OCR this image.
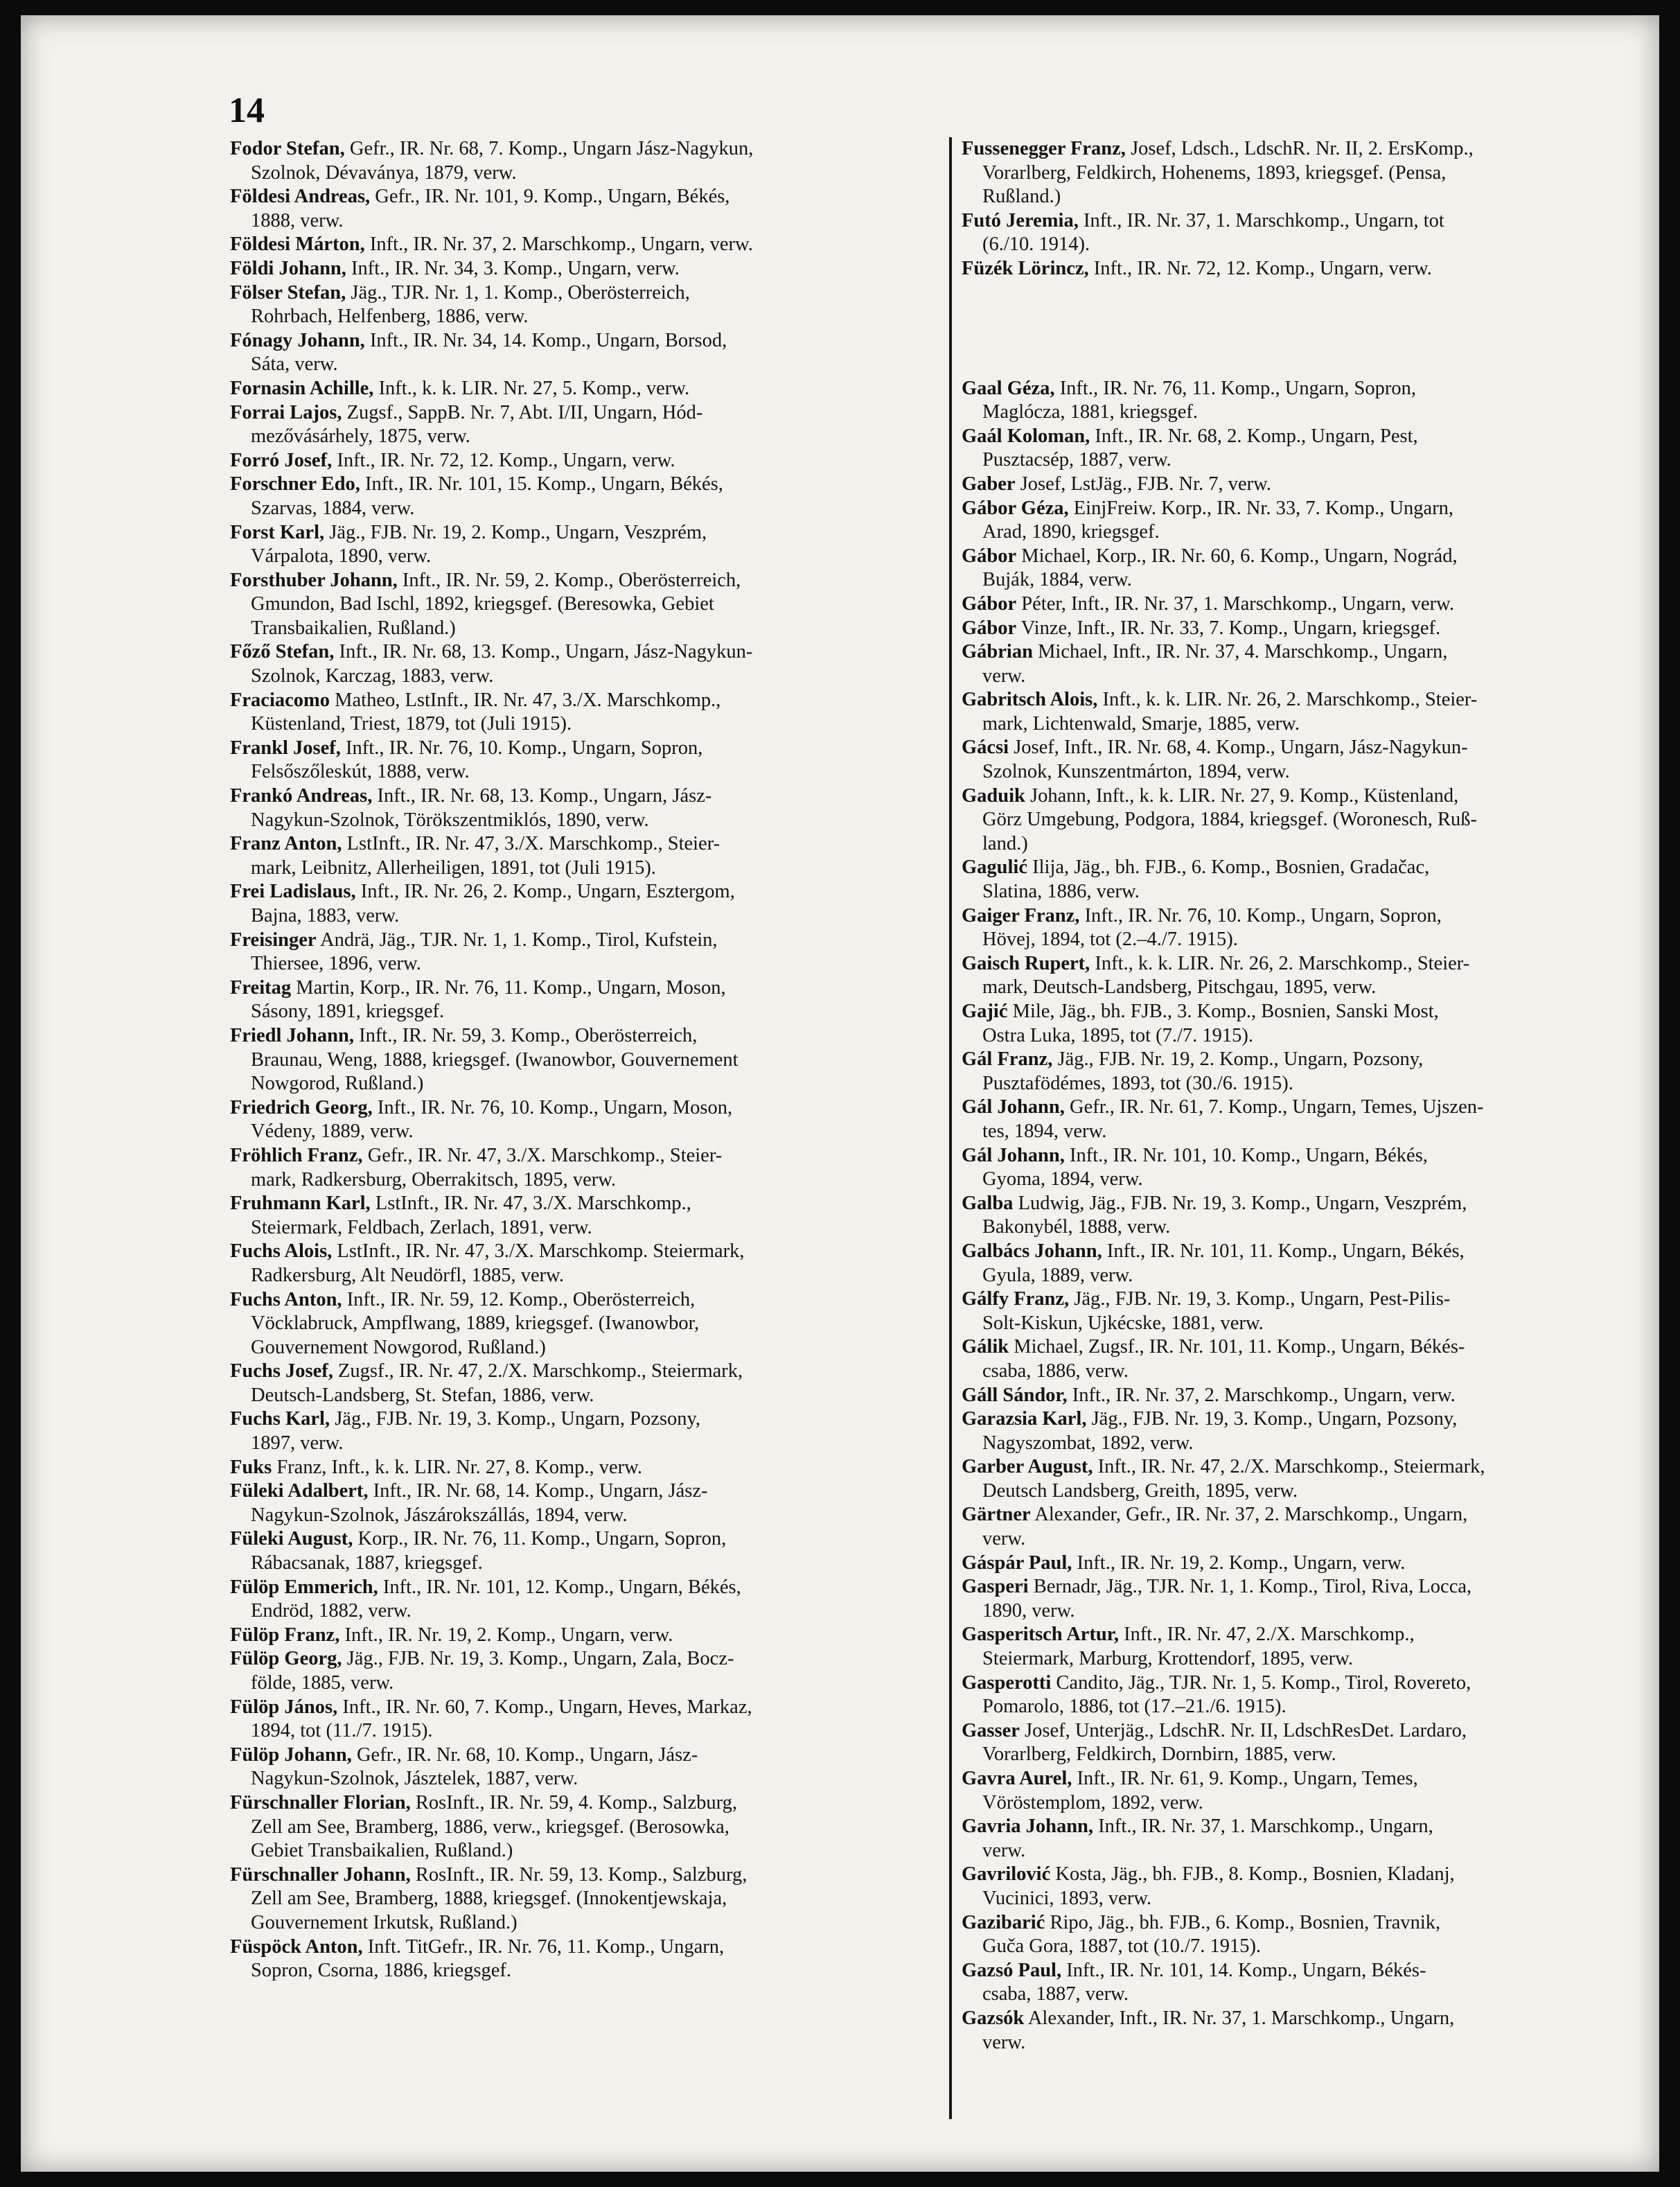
14
Fodor Stefan, Gefr., IR. Nr. 68, 7. Komp., Ungarn Jász-Nagykun,
Szolnok, Dévaványa, 1879, verw.
Földesi Andreas, Gefr., IR. Nr. 101, 9. Komp., Ungarn, Békés,
1888, verw.
Földesi Márton, Inft., IR. Nr. 37, 2. Marschkomp., Ungarn, verw.
Földi Johann, Inft., IR. Nr. 34, 3. Komp., Ungarn, verw.
Fölser Stefan, Jäg., TJR. Nr. 1, 1. Komp., Oberösterreich,
Rohrbach, Helfenberg, 1886, verw.
Fónagy Johann, Inft., IR. Nr. 34, 14. Komp., Ungarn, Borsod,
Sáta, verw.
Fornasin Achille, Inft., k. k. LIR. Nr. 27, 5. Komp., verw.
Forrai Lajos, Zugsf., SappB. Nr. 7, Abt. I/II, Ungarn, Hód-
mezővásárhely, 1875, verw.
Forró Josef, Inft., IR. Nr. 72, 12. Komp., Ungarn, verw.
Forschner Edo, Inft., IR. Nr. 101, 15. Komp., Ungarn, Békés,
Szarvas, 1884, verw.
Forst Karl, Jäg., FJB. Nr. 19, 2. Komp., Ungarn, Veszprém,
Várpalota, 1890, verw.
Forsthuber Johann, Inft., IR. Nr. 59, 2. Komp., Oberösterreich,
Gmundon, Bad Ischl, 1892, kriegsgef. (Beresowka, Gebiet
Transbaikalien, Rußland.)
Főző Stefan, Inft., IR. Nr. 68, 13. Komp., Ungarn, Jász-Nagykun-
Szolnok, Karczag, 1883, verw.
Fraciacomo Matheo, LstInft., IR. Nr. 47, 3./X. Marschkomp.,
Küstenland, Triest, 1879, tot (Juli 1915).
Frankl Josef, Inft., IR. Nr. 76, 10. Komp., Ungarn, Sopron,
Felsőszőleskút, 1888, verw.
Frankó Andreas, Inft., IR. Nr. 68, 13. Komp., Ungarn, Jász-
Nagykun-Szolnok, Törökszentmiklós, 1890, verw.
Franz Anton, LstInft., IR. Nr. 47, 3./X. Marschkomp., Steier-
mark, Leibnitz, Allerheiligen, 1891, tot (Juli 1915).
Frei Ladislaus, Inft., IR. Nr. 26, 2. Komp., Ungarn, Esztergom,
Bajna, 1883, verw.
Freisinger Andrä, Jäg., TJR. Nr. 1, 1. Komp., Tirol, Kufstein,
Thiersee, 1896, verw.
Freitag Martin, Korp., IR. Nr. 76, 11. Komp., Ungarn, Moson,
Sásony, 1891, kriegsgef.
Friedl Johann, Inft., IR. Nr. 59, 3. Komp., Oberösterreich,
Braunau, Weng, 1888, kriegsgef. (Iwanowbor, Gouvernement
Nowgorod, Rußland.)
Friedrich Georg, Inft., IR. Nr. 76, 10. Komp., Ungarn, Moson,
Védeny, 1889, verw.
Fröhlich Franz, Gefr., IR. Nr. 47, 3./X. Marschkomp., Steier-
mark, Radkersburg, Oberrakitsch, 1895, verw.
Fruhmann Karl, LstInft., IR. Nr. 47, 3./X. Marschkomp.,
Steiermark, Feldbach, Zerlach, 1891, verw.
Fuchs Alois, LstInft., IR. Nr. 47, 3./X. Marschkomp. Steiermark,
Radkersburg, Alt Neudörfl, 1885, verw.
Fuchs Anton, Inft., IR. Nr. 59, 12. Komp., Oberösterreich,
Vöcklabruck, Ampflwang, 1889, kriegsgef. (Iwanowbor,
Gouvernement Nowgorod, Rußland.)
Fuchs Josef, Zugsf., IR. Nr. 47, 2./X. Marschkomp., Steiermark,
Deutsch-Landsberg, St. Stefan, 1886, verw.
Fuchs Karl, Jäg., FJB. Nr. 19, 3. Komp., Ungarn, Pozsony,
1897, verw.
Fuks Franz, Inft., k. k. LIR. Nr. 27, 8. Komp., verw.
Füleki Adalbert, Inft., IR. Nr. 68, 14. Komp., Ungarn, Jász-
Nagykun-Szolnok, Jászárokszállás, 1894, verw.
Füleki August, Korp., IR. Nr. 76, 11. Komp., Ungarn, Sopron,
Rábacsanak, 1887, kriegsgef.
Fülöp Emmerich, Inft., IR. Nr. 101, 12. Komp., Ungarn, Békés,
Endröd, 1882, verw.
Fülöp Franz, Inft., IR. Nr. 19, 2. Komp., Ungarn, verw.
Fülöp Georg, Jäg., FJB. Nr. 19, 3. Komp., Ungarn, Zala, Bocz-
földe, 1885, verw.
Fülöp János, Inft., IR. Nr. 60, 7. Komp., Ungarn, Heves, Markaz,
1894, tot (11./7. 1915).
Fülöp Johann, Gefr., IR. Nr. 68, 10. Komp., Ungarn, Jász-
Nagykun-Szolnok, Jásztelek, 1887, verw.
Fürschnaller Florian, RosInft., IR. Nr. 59, 4. Komp., Salzburg,
Zell am See, Bramberg, 1886, verw., kriegsgef. (Berosowka,
Gebiet Transbaikalien, Rußland.)
Fürschnaller Johann, RosInft., IR. Nr. 59, 13. Komp., Salzburg,
Zell am See, Bramberg, 1888, kriegsgef. (Innokentjewskaja,
Gouvernement Irkutsk, Rußland.)
Füspöck Anton, Inft. TitGefr., IR. Nr. 76, 11. Komp., Ungarn,
Sopron, Csorna, 1886, kriegsgef.
Fussenegger Franz, Josef, Ldsch., LdschR. Nr. II, 2. ErsKomp.,
Vorarlberg, Feldkirch, Hohenems, 1893, kriegsgef. (Pensa,
Rußland.)
Futó Jeremia, Inft., IR. Nr. 37, 1. Marschkomp., Ungarn, tot
(6./10. 1914).
Füzék Lörincz, Inft., IR. Nr. 72, 12. Komp., Ungarn, verw.
Gaal Géza, Inft., IR. Nr. 76, 11. Komp., Ungarn, Sopron,
Maglócza, 1881, kriegsgef.
Gaál Koloman, Inft., IR. Nr. 68, 2. Komp., Ungarn, Pest,
Pusztacsép, 1887, verw.
Gaber Josef, LstJäg., FJB. Nr. 7, verw.
Gábor Géza, EinjFreiw. Korp., IR. Nr. 33, 7. Komp., Ungarn,
Arad, 1890, kriegsgef.
Gábor Michael, Korp., IR. Nr. 60, 6. Komp., Ungarn, Nográd,
Buják, 1884, verw.
Gábor Péter, Inft., IR. Nr. 37, 1. Marschkomp., Ungarn, verw.
Gábor Vinze, Inft., IR. Nr. 33, 7. Komp., Ungarn, kriegsgef.
Gábrian Michael, Inft., IR. Nr. 37, 4. Marschkomp., Ungarn,
verw.
Gabritsch Alois, Inft., k. k. LIR. Nr. 26, 2. Marschkomp., Steier-
mark, Lichtenwald, Smarje, 1885, verw.
Gácsi Josef, Inft., IR. Nr. 68, 4. Komp., Ungarn, Jász-Nagykun-
Szolnok, Kunszentmárton, 1894, verw.
Gaduik Johann, Inft., k. k. LIR. Nr. 27, 9. Komp., Küstenland,
Görz Umgebung, Podgora, 1884, kriegsgef. (Woronesch, Ruß-
land.)
Gagulić Ilija, Jäg., bh. FJB., 6. Komp., Bosnien, Gradačac,
Slatina, 1886, verw.
Gaiger Franz, Inft., IR. Nr. 76, 10. Komp., Ungarn, Sopron,
Hövej, 1894, tot (2.–4./7. 1915).
Gaisch Rupert, Inft., k. k. LIR. Nr. 26, 2. Marschkomp., Steier-
mark, Deutsch-Landsberg, Pitschgau, 1895, verw.
Gajić Mile, Jäg., bh. FJB., 3. Komp., Bosnien, Sanski Most,
Ostra Luka, 1895, tot (7./7. 1915).
Gál Franz, Jäg., FJB. Nr. 19, 2. Komp., Ungarn, Pozsony,
Pusztafödémes, 1893, tot (30./6. 1915).
Gál Johann, Gefr., IR. Nr. 61, 7. Komp., Ungarn, Temes, Ujszen-
tes, 1894, verw.
Gál Johann, Inft., IR. Nr. 101, 10. Komp., Ungarn, Békés,
Gyoma, 1894, verw.
Galba Ludwig, Jäg., FJB. Nr. 19, 3. Komp., Ungarn, Veszprém,
Bakonybél, 1888, verw.
Galbács Johann, Inft., IR. Nr. 101, 11. Komp., Ungarn, Békés,
Gyula, 1889, verw.
Gálfy Franz, Jäg., FJB. Nr. 19, 3. Komp., Ungarn, Pest-Pilis-
Solt-Kiskun, Ujkécske, 1881, verw.
Gálik Michael, Zugsf., IR. Nr. 101, 11. Komp., Ungarn, Békés-
csaba, 1886, verw.
Gáll Sándor, Inft., IR. Nr. 37, 2. Marschkomp., Ungarn, verw.
Garazsia Karl, Jäg., FJB. Nr. 19, 3. Komp., Ungarn, Pozsony,
Nagyszombat, 1892, verw.
Garber August, Inft., IR. Nr. 47, 2./X. Marschkomp., Steiermark,
Deutsch Landsberg, Greith, 1895, verw.
Gärtner Alexander, Gefr., IR. Nr. 37, 2. Marschkomp., Ungarn,
verw.
Gáspár Paul, Inft., IR. Nr. 19, 2. Komp., Ungarn, verw.
Gasperi Bernadr, Jäg., TJR. Nr. 1, 1. Komp., Tirol, Riva, Locca,
1890, verw.
Gasperitsch Artur, Inft., IR. Nr. 47, 2./X. Marschkomp.,
Steiermark, Marburg, Krottendorf, 1895, verw.
Gasperotti Candito, Jäg., TJR. Nr. 1, 5. Komp., Tirol, Rovereto,
Pomarolo, 1886, tot (17.–21./6. 1915).
Gasser Josef, Unterjäg., LdschR. Nr. II, LdschResDet. Lardaro,
Vorarlberg, Feldkirch, Dornbirn, 1885, verw.
Gavra Aurel, Inft., IR. Nr. 61, 9. Komp., Ungarn, Temes,
Vöröstemplom, 1892, verw.
Gavria Johann, Inft., IR. Nr. 37, 1. Marschkomp., Ungarn,
verw.
Gavrilović Kosta, Jäg., bh. FJB., 8. Komp., Bosnien, Kladanj,
Vucinici, 1893, verw.
Gazibarić Ripo, Jäg., bh. FJB., 6. Komp., Bosnien, Travnik,
Guča Gora, 1887, tot (10./7. 1915).
Gazsó Paul, Inft., IR. Nr. 101, 14. Komp., Ungarn, Békés-
csaba, 1887, verw.
Gazsók Alexander, Inft., IR. Nr. 37, 1. Marschkomp., Ungarn,
verw.
